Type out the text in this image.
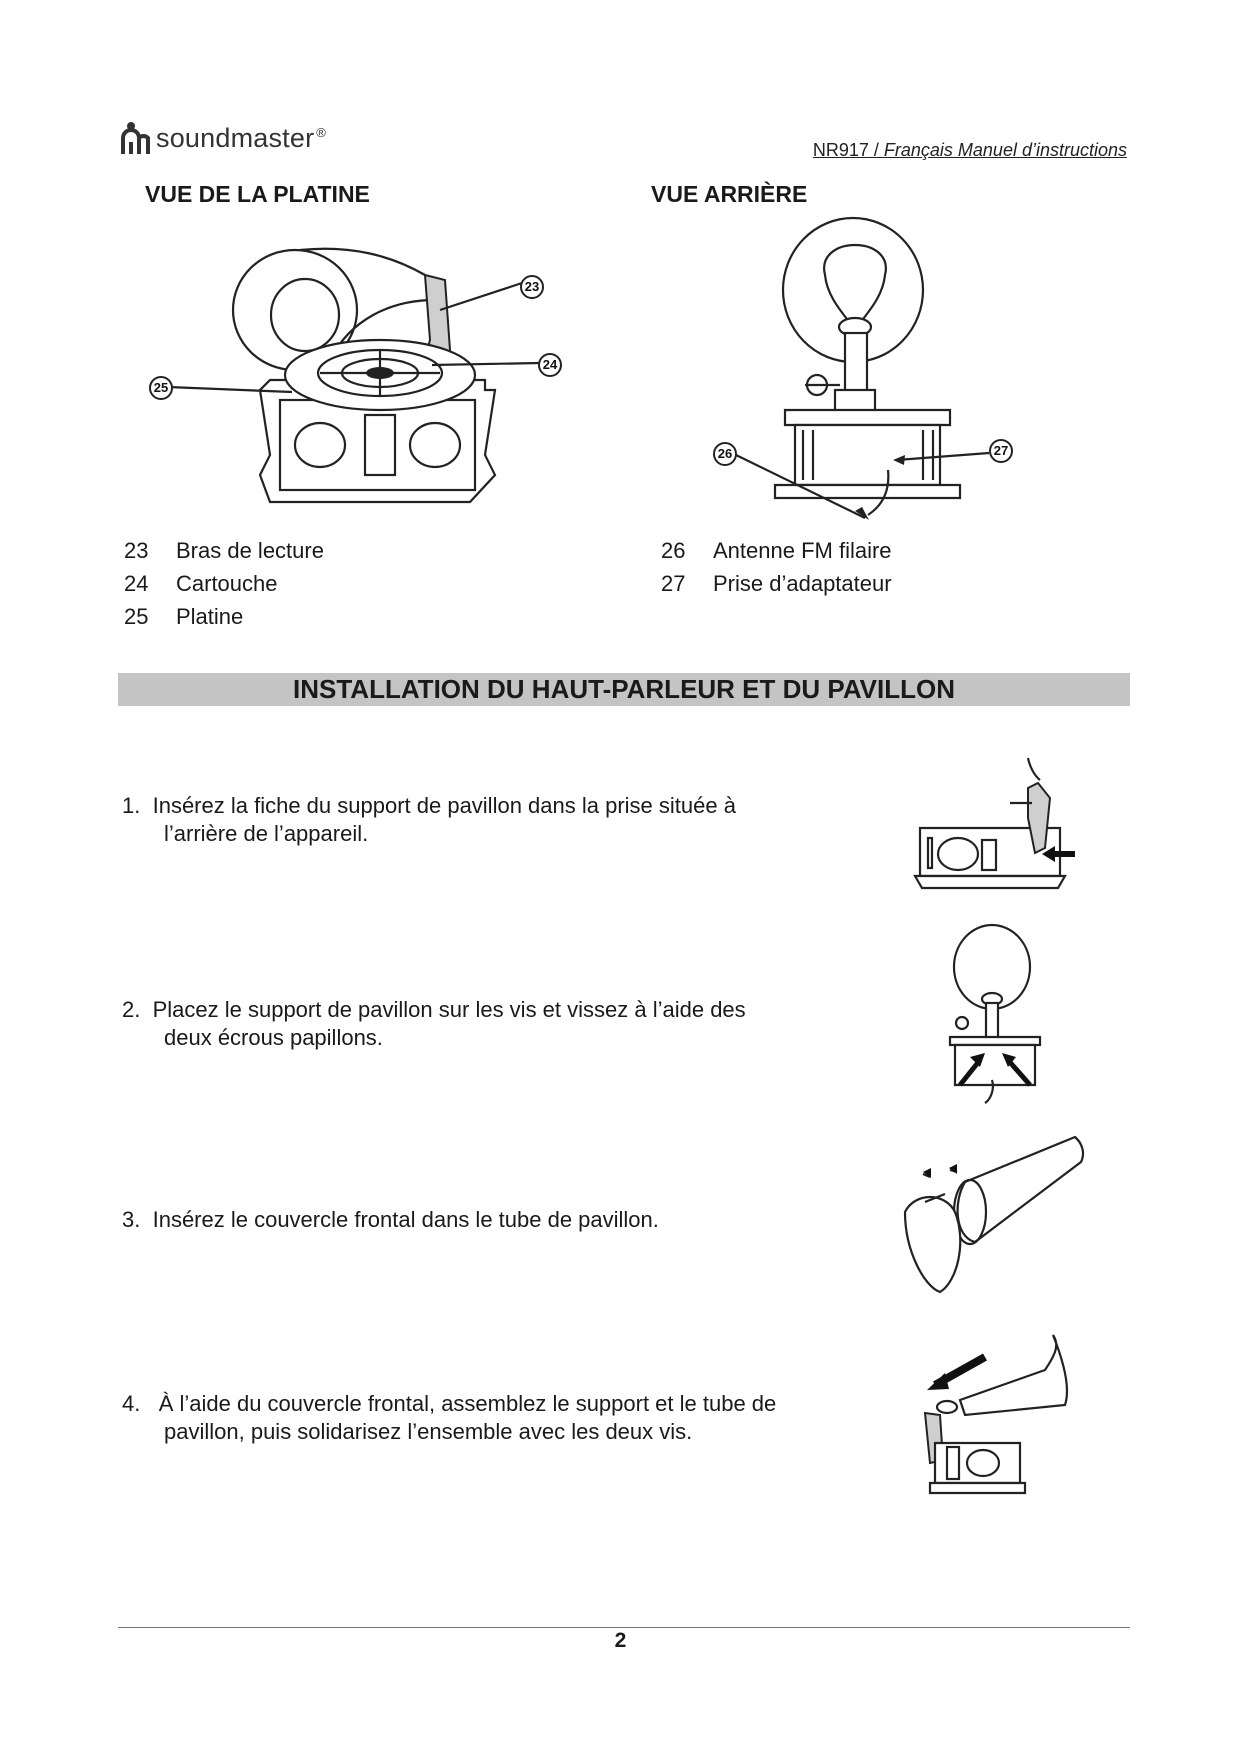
soundmaster ®
NR917 / Français Manuel d’instructions
VUE DE LA PLATINE	VUE ARRIÈRE
23
24
25
26	27
23	Bras de lecture
24	Cartouche
25	Platine
26	Antenne FM filaire
27	Prise d’adaptateur
INSTALLATION DU HAUT-PARLEUR ET DU PAVILLON
1. Insérez la fiche du support de pavillon dans la prise située à
l’arrière de l’appareil.
2. Placez le support de pavillon sur les vis et vissez à l’aide des
deux écrous papillons.
3. Insérez le couvercle frontal dans le tube de pavillon.
4. À l’aide du couvercle frontal, assemblez le support et le tube de
pavillon, puis solidarisez l’ensemble avec les deux vis.
2
